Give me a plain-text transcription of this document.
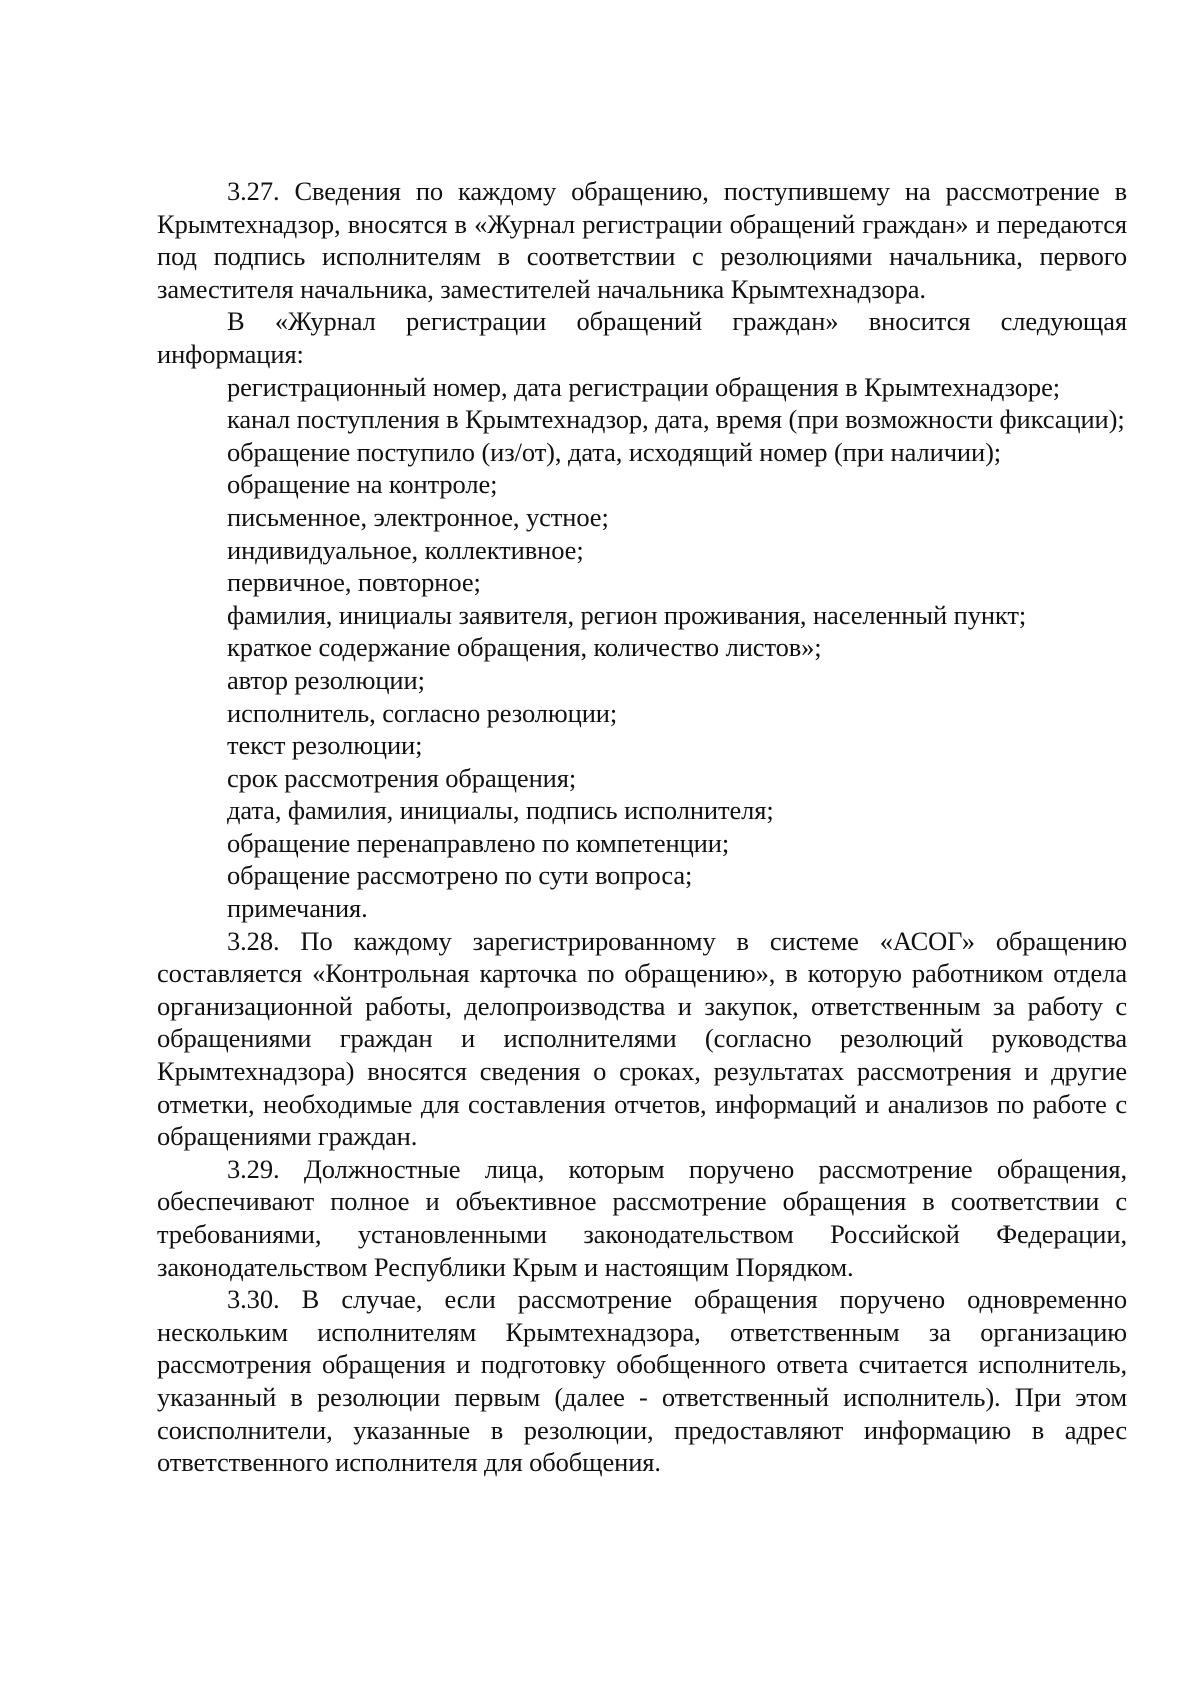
3.27. Сведения по каждому обращению, поступившему на рассмотрение в Крымтехнадзор, вносятся в «Журнал регистрации обращений граждан» и передаются под подпись исполнителям в соответствии с резолюциями начальника, первого заместителя начальника, заместителей начальника Крымтехнадзора.

В «Журнал регистрации обращений граждан» вносится следующая информация:

регистрационный номер, дата регистрации обращения в Крымтехнадзоре;

канал поступления в Крымтехнадзор, дата, время (при возможности фиксации);

обращение поступило (из/от), дата, исходящий номер (при наличии);

обращение на контроле;

письменное, электронное, устное;

индивидуальное, коллективное;

первичное, повторное;

фамилия, инициалы заявителя, регион проживания, населенный пункт;

краткое содержание обращения, количество листов»;

автор резолюции;

исполнитель, согласно резолюции;

текст резолюции;

срок рассмотрения обращения;

дата, фамилия, инициалы, подпись исполнителя;

обращение перенаправлено по компетенции;

обращение рассмотрено по сути вопроса;

примечания.

3.28. По каждому зарегистрированному в системе «АСОГ» обращению составляется «Контрольная карточка по обращению», в которую работником отдела организационной работы, делопроизводства и закупок, ответственным за работу с обращениями граждан и исполнителями (согласно резолюций руководства Крымтехнадзора) вносятся сведения о сроках, результатах рассмотрения и другие отметки, необходимые для составления отчетов, информаций и анализов по работе с обращениями граждан.

3.29. Должностные лица, которым поручено рассмотрение обращения, обеспечивают полное и объективное рассмотрение обращения в соответствии с требованиями, установленными законодательством Российской Федерации, законодательством Республики Крым и настоящим Порядком.

3.30. В случае, если рассмотрение обращения поручено одновременно нескольким исполнителям Крымтехнадзора, ответственным за организацию рассмотрения обращения и подготовку обобщенного ответа считается исполнитель, указанный в резолюции первым (далее - ответственный исполнитель). При этом соисполнители, указанные в резолюции, предоставляют информацию в адрес ответственного исполнителя для обобщения.
